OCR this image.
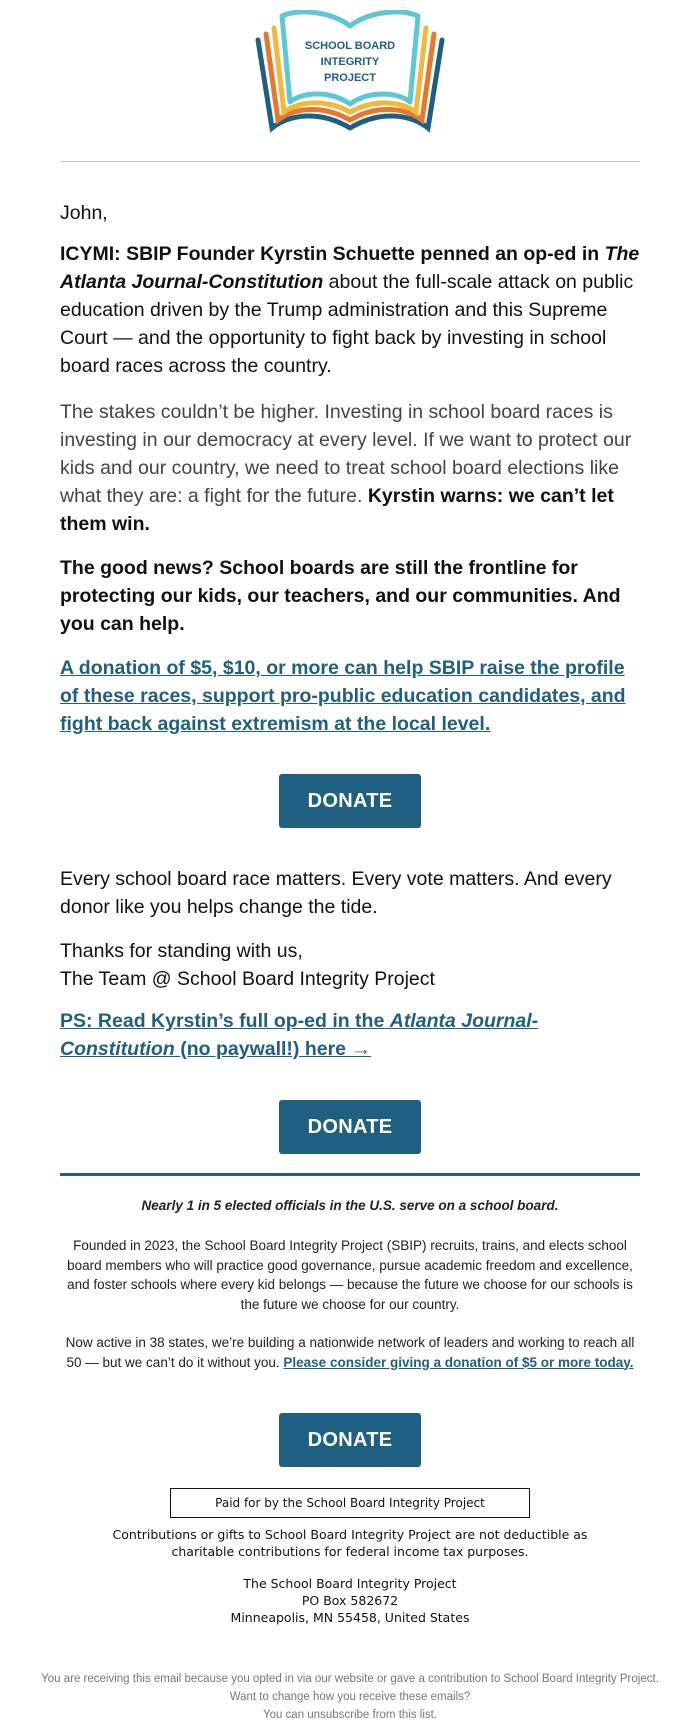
SCHOOL BOARD
INTEGRITY
PROJECT
John,

ICYMI: SBIP Founder Kyrstin Schuette penned an op-ed in The Atlanta Journal-Constitution about the full-scale attack on public education driven by the Trump administration and this Supreme Court — and the opportunity to fight back by investing in school board races across the country.

The stakes couldn’t be higher. Investing in school board races is investing in our democracy at every level. If we want to protect our kids and our country, we need to treat school board elections like what they are: a fight for the future. Kyrstin warns: we can’t let them win.

The good news? School boards are still the frontline for protecting our kids, our teachers, and our communities. And you can help.

A donation of $5, $10, or more can help SBIP raise the profile of these races, support pro-public education candidates, and fight back against extremism at the local level.

DONATE
Every school board race matters. Every vote matters. And every donor like you helps change the tide.

Thanks for standing with us,

The Team @ School Board Integrity Project

PS: Read Kyrstin’s full op-ed in the Atlanta Journal-Constitution (no paywall!) here →

DONATE
Nearly 1 in 5 elected officials in the U.S. serve on a school board.
Founded in 2023, the School Board Integrity Project (SBIP) recruits, trains, and elects school board members who will practice good governance, pursue academic freedom and excellence, and foster schools where every kid belongs — because the future we choose for our schools is the future we choose for our country.

Now active in 38 states, we’re building a nationwide network of leaders and working to reach all 50 — but we can’t do it without you. Please consider giving a donation of $5 or more today.

DONATE
Paid for by the School Board Integrity Project
Contributions or gifts to School Board Integrity Project are not deductible as
charitable contributions for federal income tax purposes.
The School Board Integrity Project
PO Box 582672
Minneapolis, MN 55458, United States

You are receiving this email because you opted in via our website or gave a contribution to School Board Integrity Project.

Want to change how you receive these emails?

You can unsubscribe from this list.
